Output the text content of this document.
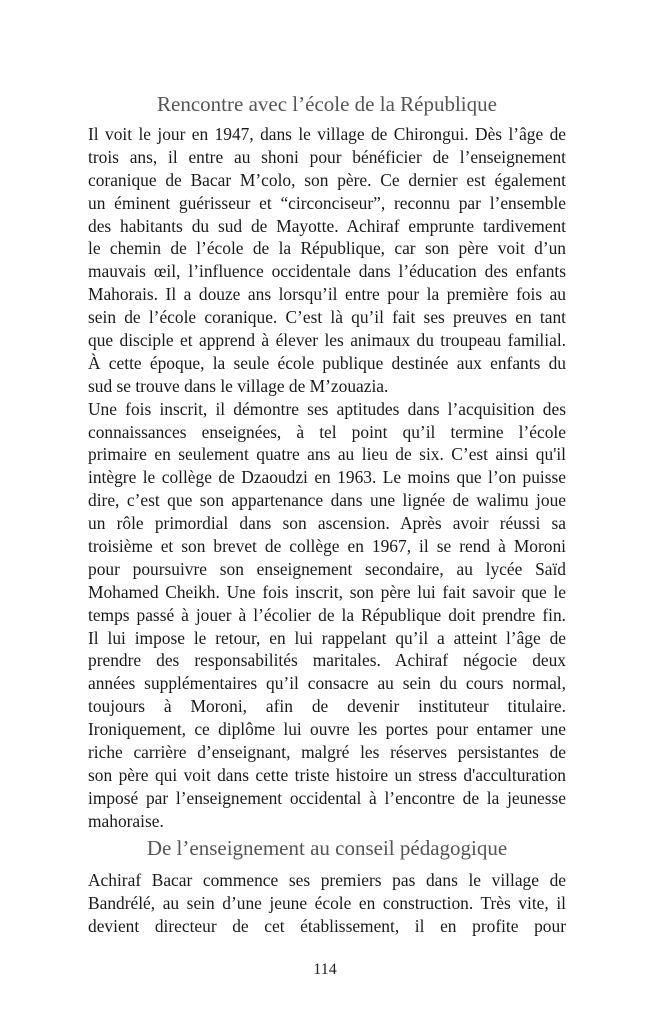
Rencontre avec l’école de la République
Il voit le jour en 1947, dans le village de Chirongui. Dès l’âge de
trois ans, il entre au shoni pour bénéficier de l’enseignement
coranique de Bacar M’colo, son père. Ce dernier est également
un éminent guérisseur et “circonciseur”, reconnu par l’ensemble
des habitants du sud de Mayotte. Achiraf emprunte tardivement
le chemin de l’école de la République, car son père voit d’un
mauvais œil, l’influence occidentale dans l’éducation des enfants
Mahorais. Il a douze ans lorsqu’il entre pour la première fois au
sein de l’école coranique. C’est là qu’il fait ses preuves en tant
que disciple et apprend à élever les animaux du troupeau familial.
À cette époque, la seule école publique destinée aux enfants du
sud se trouve dans le village de M’zouazia.
Une fois inscrit, il démontre ses aptitudes dans l’acquisition des
connaissances enseignées, à tel point qu’il termine l’école
primaire en seulement quatre ans au lieu de six. C’est ainsi qu'il
intègre le collège de Dzaoudzi en 1963. Le moins que l’on puisse
dire, c’est que son appartenance dans une lignée de walimu joue
un rôle primordial dans son ascension. Après avoir réussi sa
troisième et son brevet de collège en 1967, il se rend à Moroni
pour poursuivre son enseignement secondaire, au lycée Saïd
Mohamed Cheikh. Une fois inscrit, son père lui fait savoir que le
temps passé à jouer à l’écolier de la République doit prendre fin.
Il lui impose le retour, en lui rappelant qu’il a atteint l’âge de
prendre des responsabilités maritales. Achiraf négocie deux
années supplémentaires qu’il consacre au sein du cours normal,
toujours à Moroni, afin de devenir instituteur titulaire.
Ironiquement, ce diplôme lui ouvre les portes pour entamer une
riche carrière d’enseignant, malgré les réserves persistantes de
son père qui voit dans cette triste histoire un stress d'acculturation
imposé par l’enseignement occidental à l’encontre de la jeunesse
mahoraise.
De l’enseignement au conseil pédagogique
Achiraf Bacar commence ses premiers pas dans le village de
Bandrélé, au sein d’une jeune école en construction. Très vite, il
devient directeur de cet établissement, il en profite pour
114
